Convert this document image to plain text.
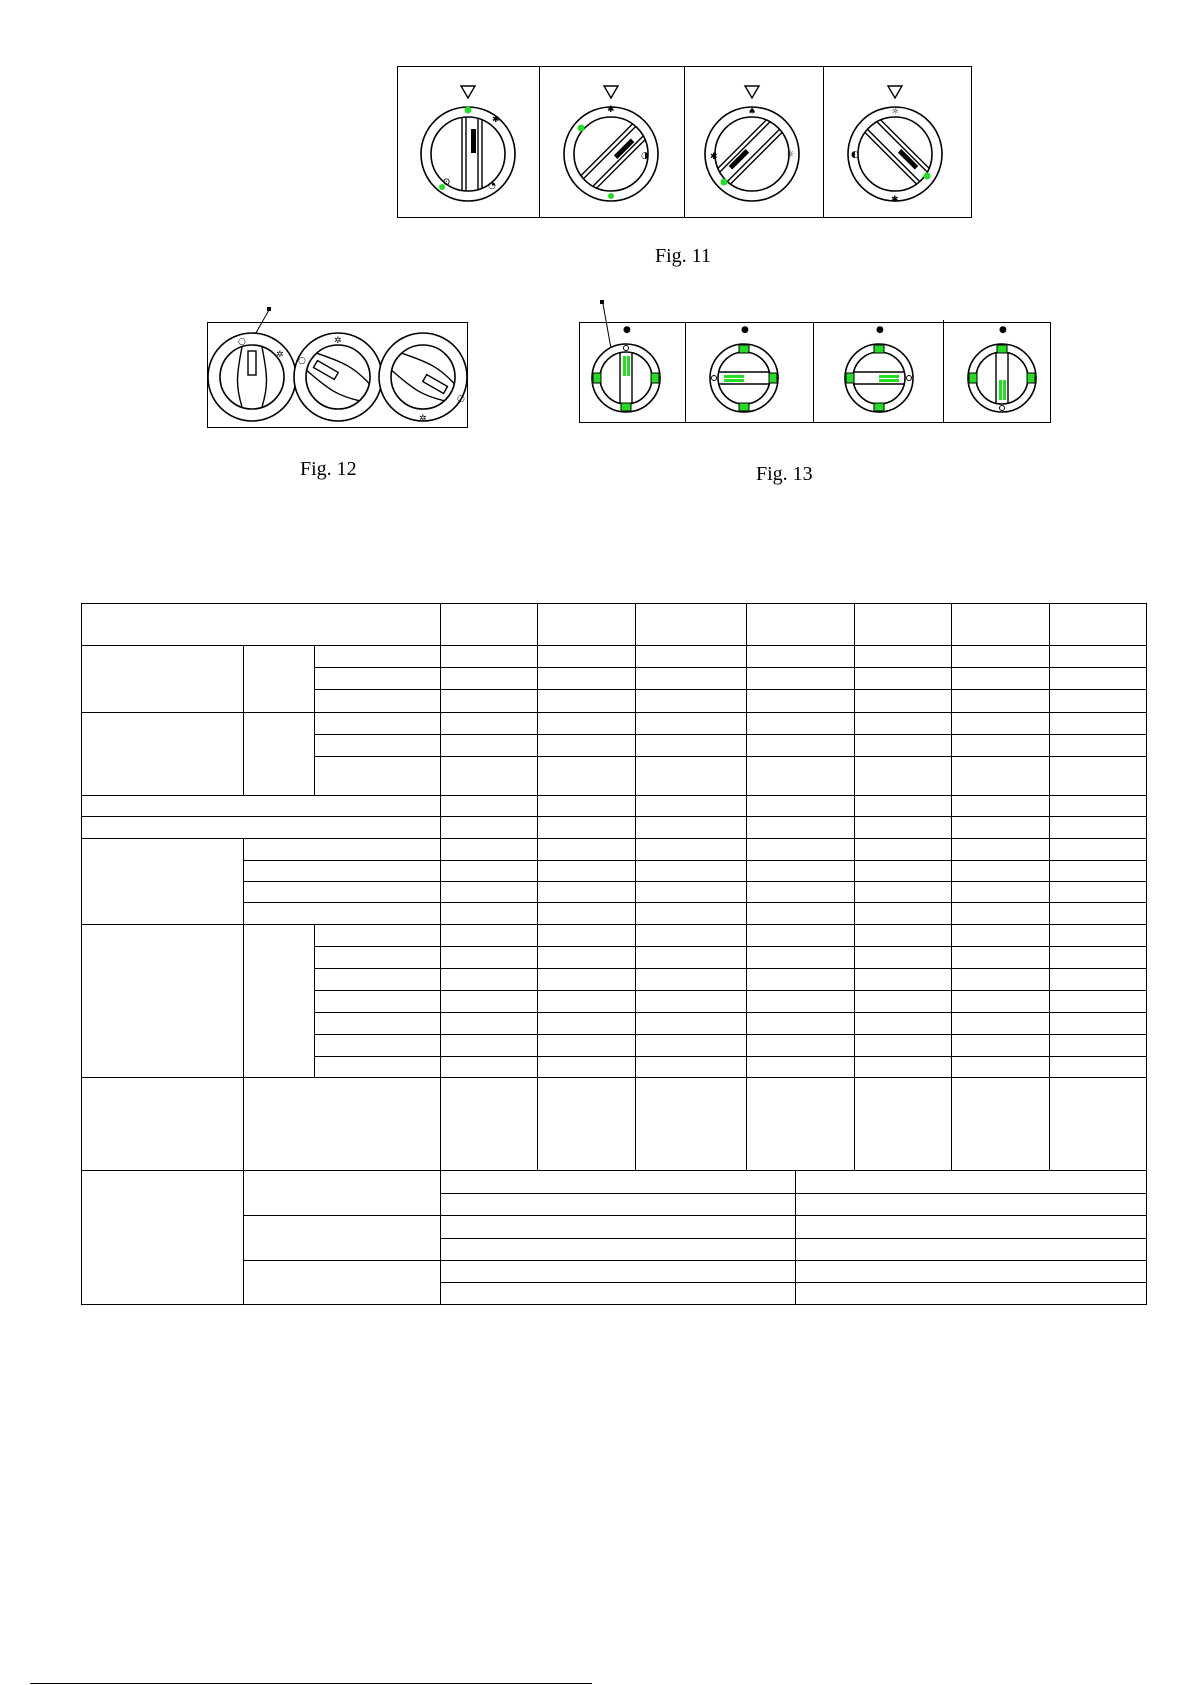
✱
ʘ	◔
✱
◑
♠
✱	☼
☼
◐
✱
Fig. 11
○
✲
○
✲
○
✲
Fig. 12
●	●	●	●
Fig. 13
